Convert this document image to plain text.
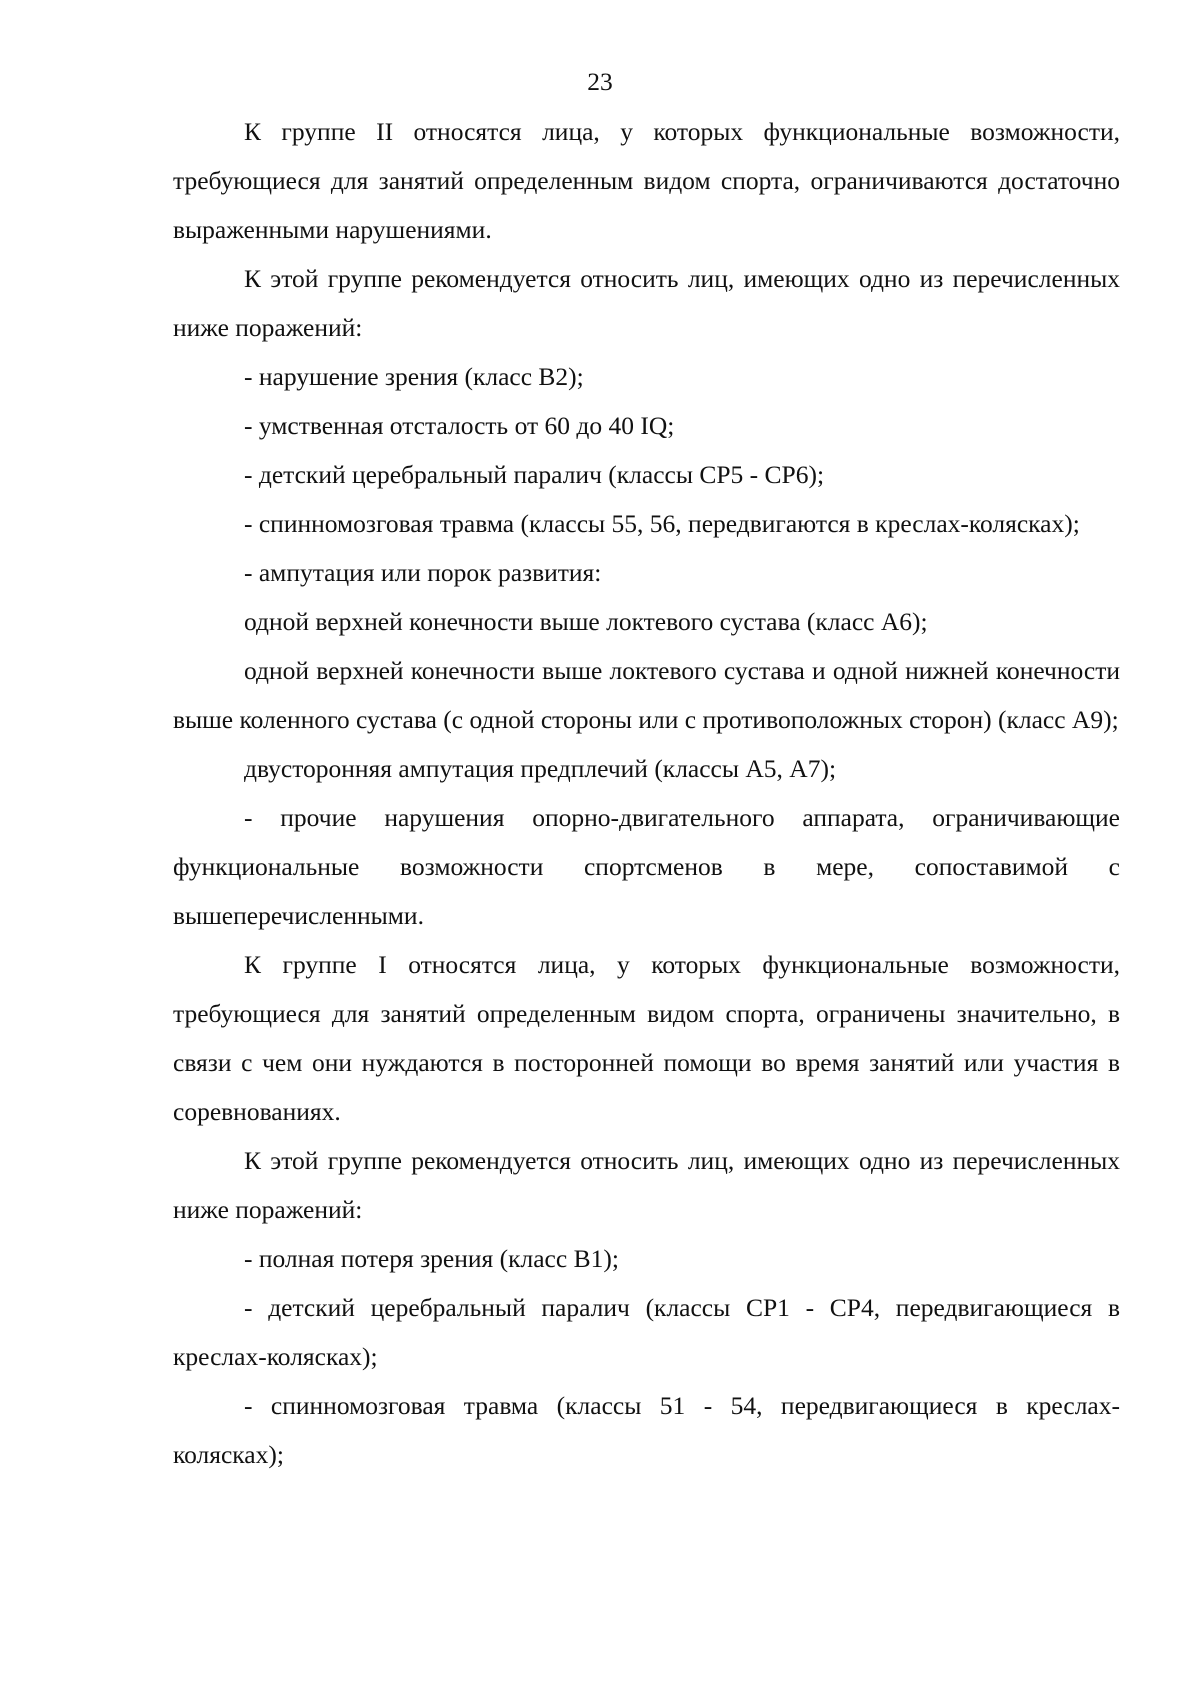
23

К группе II относятся лица, у которых функциональные возможности, требующиеся для занятий определенным видом спорта, ограничиваются достаточно выраженными нарушениями.

К этой группе рекомендуется относить лиц, имеющих одно из перечисленных ниже поражений:

- нарушение зрения (класс В2);

- умственная отсталость от 60 до 40 IQ;

- детский церебральный паралич (классы СР5 - СР6);

- спинномозговая травма (классы 55, 56, передвигаются в креслах-колясках);

- ампутация или порок развития:

одной верхней конечности выше локтевого сустава (класс А6);

одной верхней конечности выше локтевого сустава и одной нижней конечности выше коленного сустава (с одной стороны или с противоположных сторон) (класс А9);

двусторонняя ампутация предплечий (классы А5, А7);

- прочие нарушения опорно-двигательного аппарата, ограничивающие функциональные возможности спортсменов в мере, сопоставимой с вышеперечисленными.

К группе I относятся лица, у которых функциональные возможности, требующиеся для занятий определенным видом спорта, ограничены значительно, в связи с чем они нуждаются в посторонней помощи во время занятий или участия в соревнованиях.

К этой группе рекомендуется относить лиц, имеющих одно из перечисленных ниже поражений:

- полная потеря зрения (класс В1);

- детский церебральный паралич (классы СР1 - СР4, передвигающиеся в креслах-колясках);

- спинномозговая травма (классы 51 - 54, передвигающиеся в креслах-колясках);
